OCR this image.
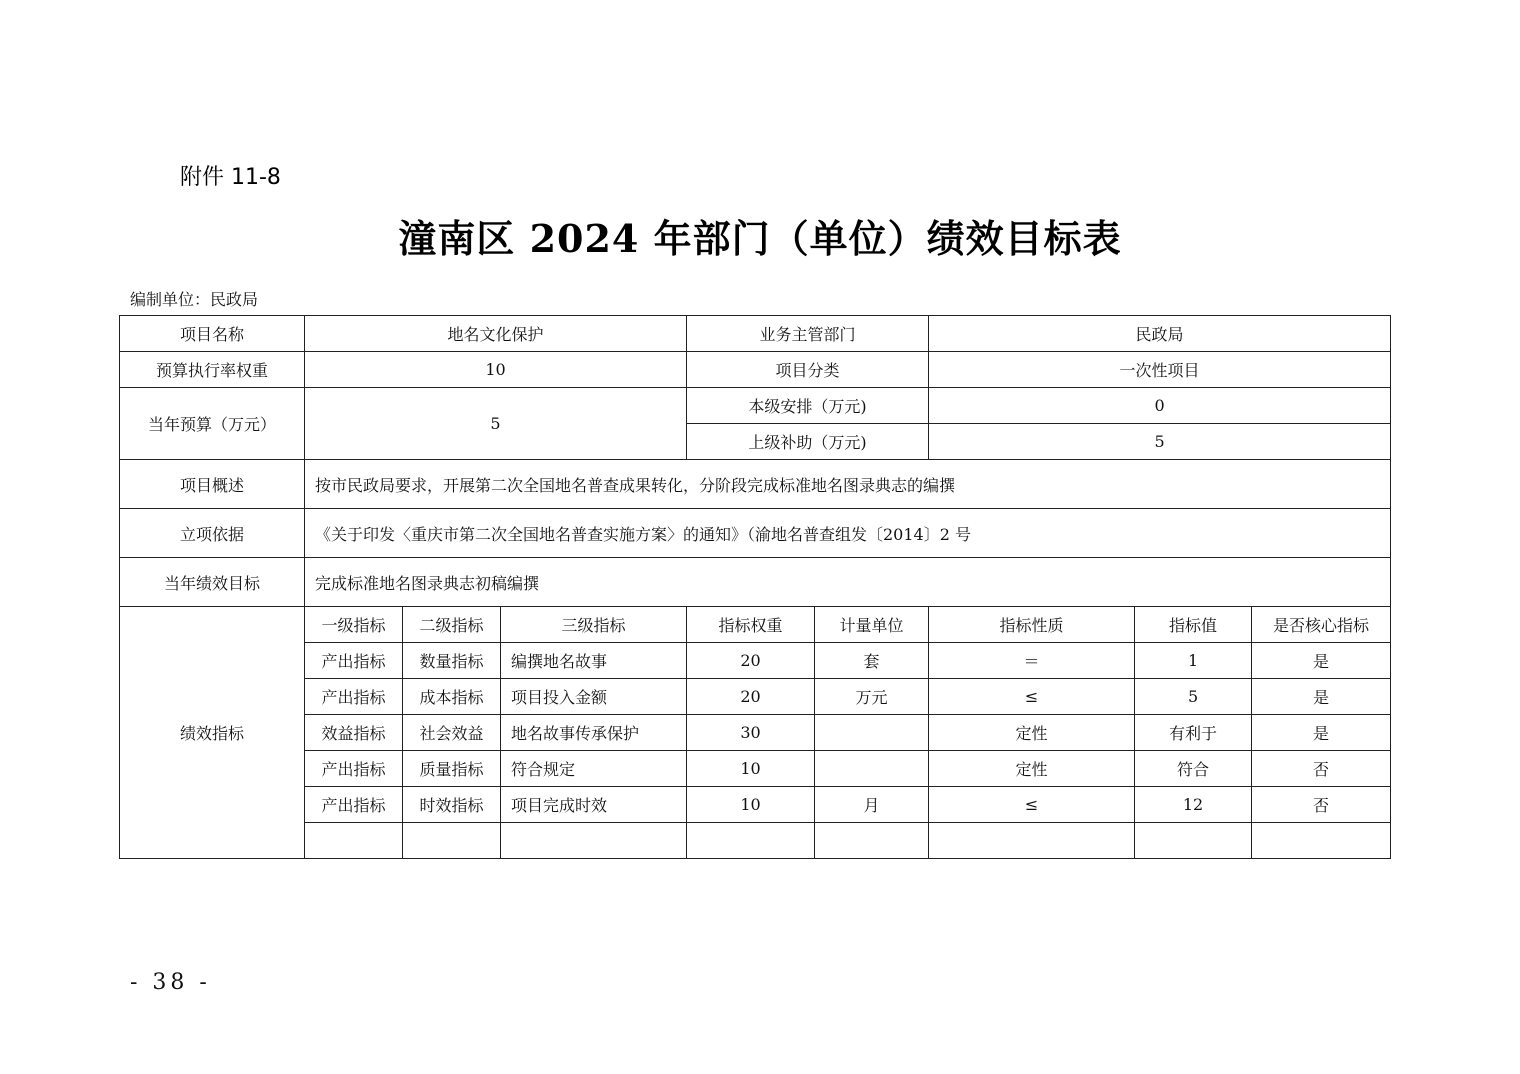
附件 11-8
潼南区 2024 年部门（单位）绩效目标表
编制单位：民政局
项目名称	地名文化保护			业务主管部门		民政局		
预算执行率权重	10			项目分类		一次性项目		
当年预算（万元）	5			本级安排（万元)		0		
				上级补助（万元)		5		
项目概述	按市民政局要求，开展第二次全国地名普查成果转化，分阶段完成标准地名图录典志的编撰							
立项依据	《关于印发〈重庆市第二次全国地名普查实施方案〉的通知》（渝地名普查组发〔2014〕2 号							
当年绩效目标	完成标准地名图录典志初稿编撰							
绩效指标	一级指标	二级指标	三级指标	指标权重	计量单位	指标性质	指标值	是否核心指标
	产出指标	数量指标	编撰地名故事	20	套	＝	1	是
	产出指标	成本指标	项目投入金额	20	万元	≤	5	是
	效益指标	社会效益	地名故事传承保护	30		定性	有利于	是
	产出指标	质量指标	符合规定	10		定性	符合	否
	产出指标	时效指标	项目完成时效	10	月	≤	12	否

- 38 -
